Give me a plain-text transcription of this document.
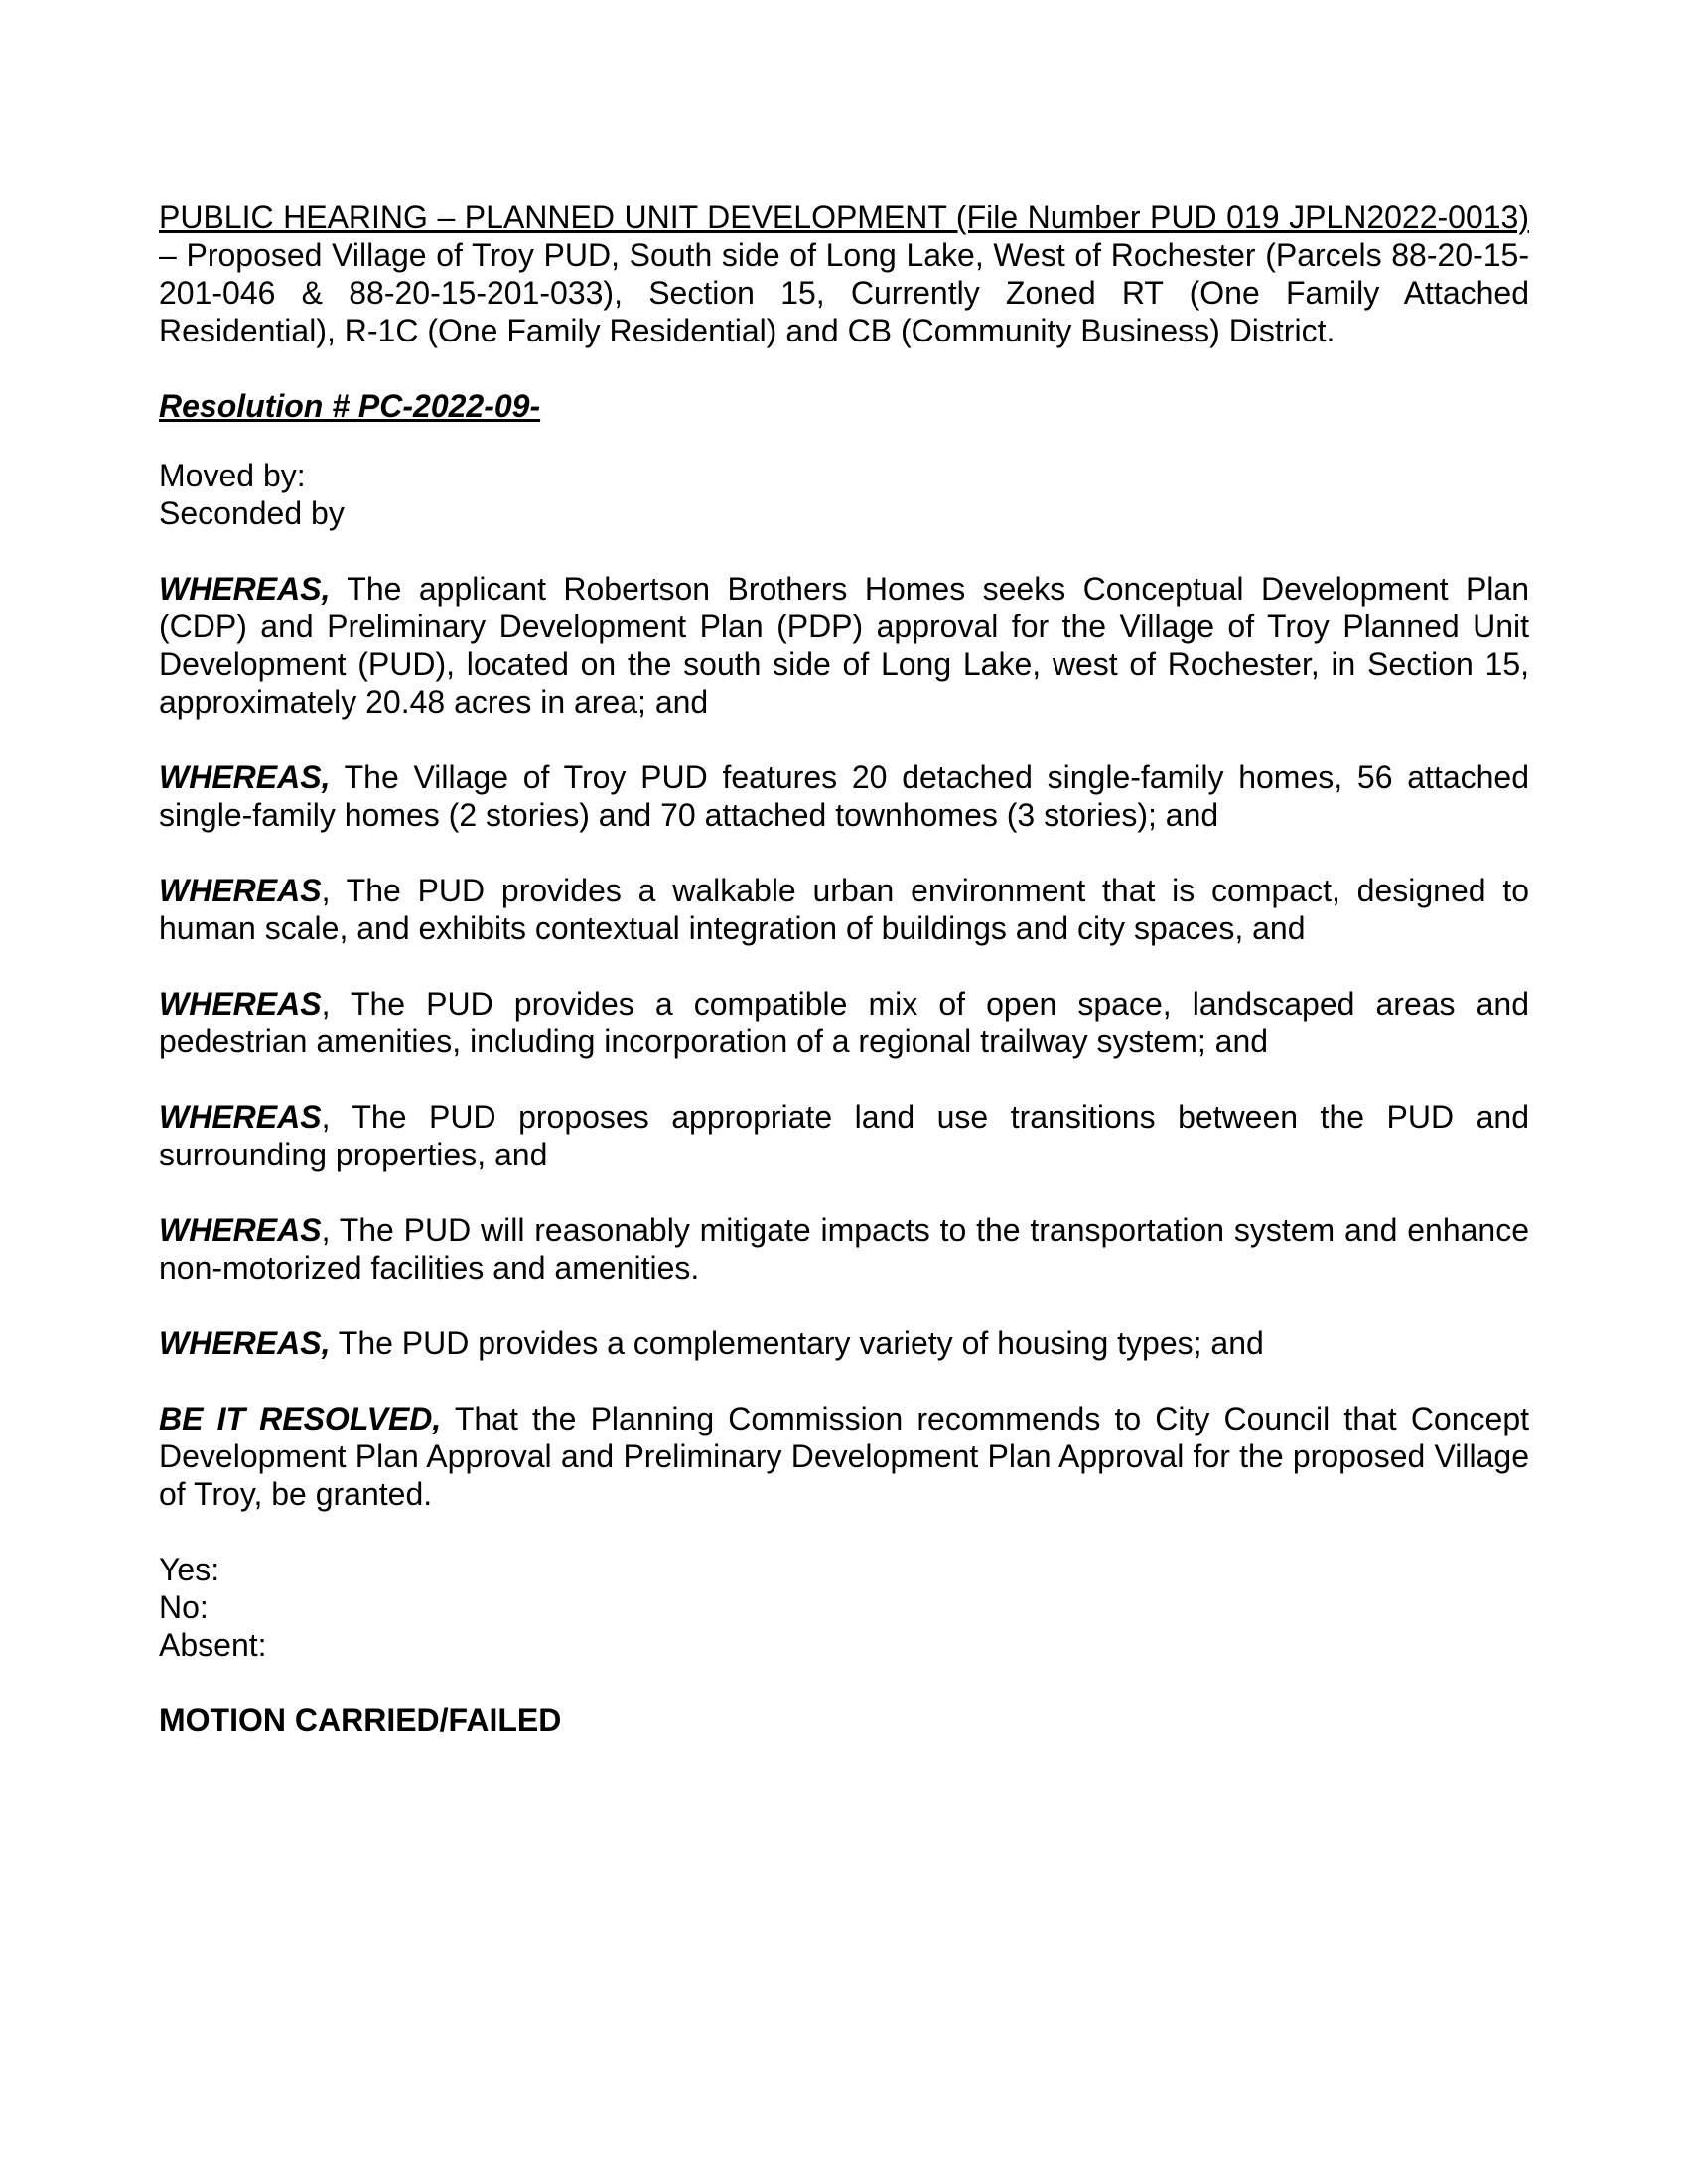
PUBLIC HEARING – PLANNED UNIT DEVELOPMENT (File Number PUD 019 JPLN2022-0013) – Proposed Village of Troy PUD, South side of Long Lake, West of Rochester (Parcels 88-20-15-201-046 & 88-20-15-201-033), Section 15, Currently Zoned RT (One Family Attached Residential), R-1C (One Family Residential) and CB (Community Business) District.

Resolution # PC-2022-09-

Moved by:
Seconded by

WHEREAS, The applicant Robertson Brothers Homes seeks Conceptual Development Plan (CDP) and Preliminary Development Plan (PDP) approval for the Village of Troy Planned Unit Development (PUD), located on the south side of Long Lake, west of Rochester, in Section 15, approximately 20.48 acres in area; and

WHEREAS, The Village of Troy PUD features 20 detached single-family homes, 56 attached single-family homes (2 stories) and 70 attached townhomes (3 stories); and

WHEREAS, The PUD provides a walkable urban environment that is compact, designed to human scale, and exhibits contextual integration of buildings and city spaces, and

WHEREAS, The PUD provides a compatible mix of open space, landscaped areas and pedestrian amenities, including incorporation of a regional trailway system; and

WHEREAS, The PUD proposes appropriate land use transitions between the PUD and surrounding properties, and

WHEREAS, The PUD will reasonably mitigate impacts to the transportation system and enhance non-motorized facilities and amenities.

WHEREAS, The PUD provides a complementary variety of housing types; and

BE IT RESOLVED, That the Planning Commission recommends to City Council that Concept Development Plan Approval and Preliminary Development Plan Approval for the proposed Village of Troy, be granted.

Yes:
No:
Absent:

MOTION CARRIED/FAILED
